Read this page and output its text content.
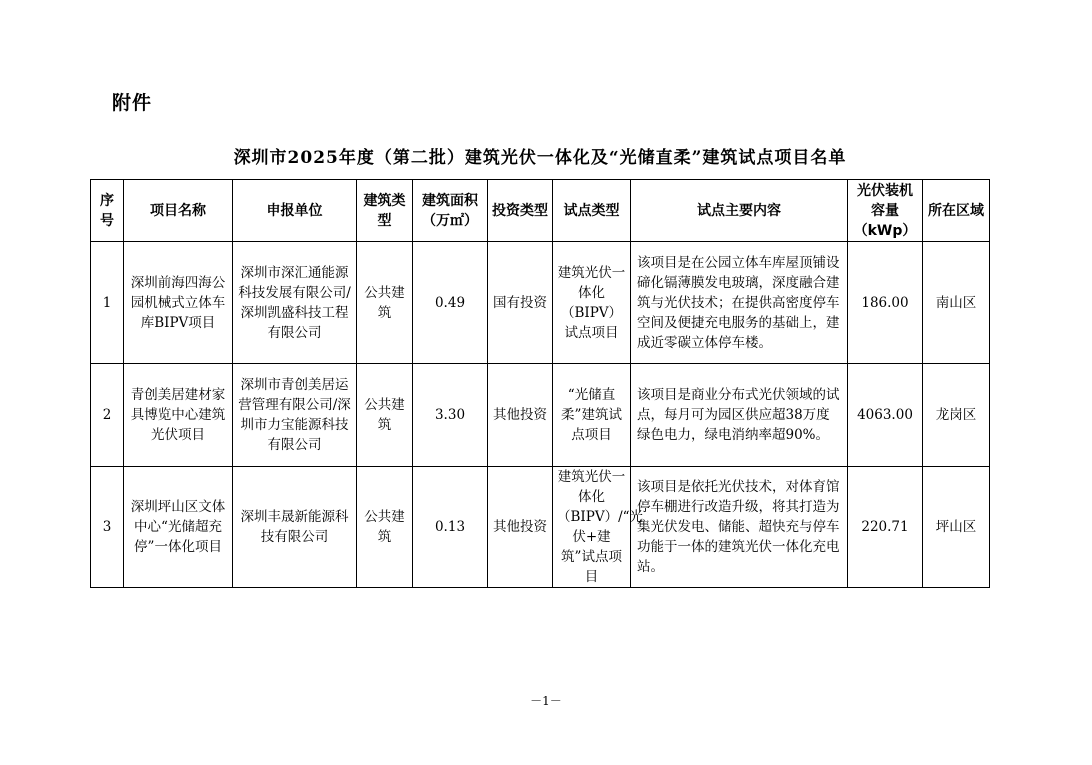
附件
深圳市2025年度（第二批）建筑光伏一体化及“光储直柔”建筑试点项目名单
序号	项目名称	申报单位	建筑类型	建筑面积（万㎡）	投资类型	试点类型	试点主要内容	光伏装机容量（kWp）	所在区域
1	深圳前海四海公园机械式立体车库BIPV项目	深圳市深汇通能源科技发展有限公司/深圳凯盛科技工程有限公司	公共建筑	0.49	国有投资	建筑光伏一体化（BIPV）试点项目	该项目是在公园立体车库屋顶铺设碲化镉薄膜发电玻璃，深度融合建筑与光伏技术；在提供高密度停车空间及便捷充电服务的基础上，建成近零碳立体停车楼。	186.00	南山区
2	青创美居建材家具博览中心建筑光伏项目	深圳市青创美居运营管理有限公司/深圳市力宝能源科技有限公司	公共建筑	3.30	其他投资	“光储直柔”建筑试点项目	该项目是商业分布式光伏领域的试点，每月可为园区供应超38万度绿色电力，绿电消纳率超90%。	4063.00	龙岗区
3	深圳坪山区文体中心“光储超充停”一体化项目	深圳丰晟新能源科技有限公司	公共建筑	0.13	其他投资	建筑光伏一体化（BIPV）/“光伏+建筑”试点项目	该项目是依托光伏技术，对体育馆停车棚进行改造升级，将其打造为集光伏发电、储能、超快充与停车功能于一体的建筑光伏一体化充电站。	220.71	坪山区
－1－
